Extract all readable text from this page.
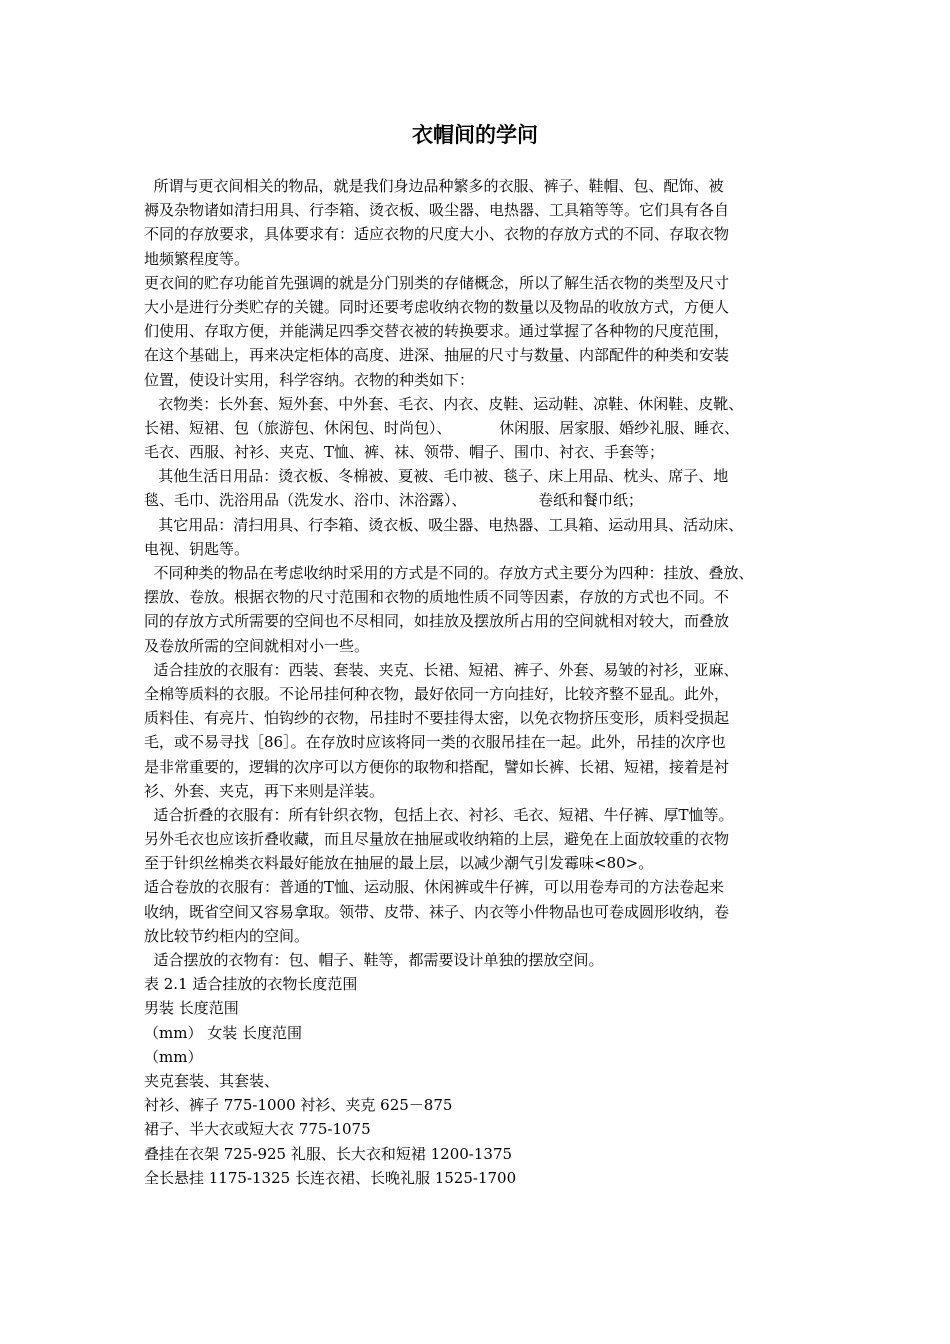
衣帽间的学问
所谓与更衣间相关的物品，就是我们身边品种繁多的衣服、裤子、鞋帽、包、配饰、被
褥及杂物诸如清扫用具、行李箱、烫衣板、吸尘器、电热器、工具箱等等。它们具有各自
不同的存放要求，具体要求有：适应衣物的尺度大小、衣物的存放方式的不同、存取衣物
地频繁程度等。
更衣间的贮存功能首先强调的就是分门别类的存储概念，所以了解生活衣物的类型及尺寸
大小是进行分类贮存的关键。同时还要考虑收纳衣物的数量以及物品的收放方式，方便人
们使用、存取方便，并能满足四季交替衣被的转换要求。通过掌握了各种物的尺度范围，
在这个基础上，再来决定柜体的高度、进深、抽屉的尺寸与数量、内部配件的种类和安装
位置，使设计实用，科学容纳。衣物的种类如下：
衣物类：长外套、短外套、中外套、毛衣、内衣、皮鞋、运动鞋、凉鞋、休闲鞋、皮靴、
长裙、短裙、包（旅游包、休闲包、时尚包）、          休闲服、居家服、婚纱礼服、睡衣、
毛衣、西服、衬衫、夹克、T恤、裤、袜、领带、帽子、围巾、衬衣、手套等；
其他生活日用品：烫衣板、冬棉被、夏被、毛巾被、毯子、床上用品、枕头、席子、地
毯、毛巾、洗浴用品（洗发水、浴巾、沐浴露）、               卷纸和餐巾纸；
其它用品：清扫用具、行李箱、烫衣板、吸尘器、电热器、工具箱、运动用具、活动床、
电视、钥匙等。
不同种类的物品在考虑收纳时采用的方式是不同的。存放方式主要分为四种：挂放、叠放、
摆放、卷放。根据衣物的尺寸范围和衣物的质地性质不同等因素，存放的方式也不同。不
同的存放方式所需要的空间也不尽相同，如挂放及摆放所占用的空间就相对较大，而叠放
及卷放所需的空间就相对小一些。
适合挂放的衣服有：西装、套装、夹克、长裙、短裙、裤子、外套、易皱的衬衫，亚麻、
全棉等质料的衣服。不论吊挂何种衣物，最好依同一方向挂好，比较齐整不显乱。此外，
质料佳、有亮片、怕钩纱的衣物，吊挂时不要挂得太密，以免衣物挤压变形，质料受损起
毛，或不易寻找［86］。在存放时应该将同一类的衣服吊挂在一起。此外，吊挂的次序也
是非常重要的，逻辑的次序可以方便你的取物和搭配，譬如长裤、长裙、短裙，接着是衬
衫、外套、夹克，再下来则是洋装。
适合折叠的衣服有：所有针织衣物，包括上衣、衬衫、毛衣、短裙、牛仔裤、厚T恤等。
另外毛衣也应该折叠收藏，而且尽量放在抽屉或收纳箱的上层，避免在上面放较重的衣物
至于针织丝棉类衣料最好能放在抽屉的最上层，以减少潮气引发霉味<80>。
适合卷放的衣服有：普通的T恤、运动服、休闲裤或牛仔裤，可以用卷寿司的方法卷起来
收纳，既省空间又容易拿取。领带、皮带、袜子、内衣等小件物品也可卷成圆形收纳，卷
放比较节约柜内的空间。
适合摆放的衣物有：包、帽子、鞋等，都需要设计单独的摆放空间。
表 2.1 适合挂放的衣物长度范围
男装 长度范围
（mm） 女装 长度范围
（mm）
夹克套装、其套装、
衬衫、裤子 775-1000 衬衫、夹克 625－875
裙子、半大衣或短大衣 775-1075
叠挂在衣架 725-925 礼服、长大衣和短裙 1200-1375
全长悬挂 1175-1325 长连衣裙、长晚礼服 1525-1700
